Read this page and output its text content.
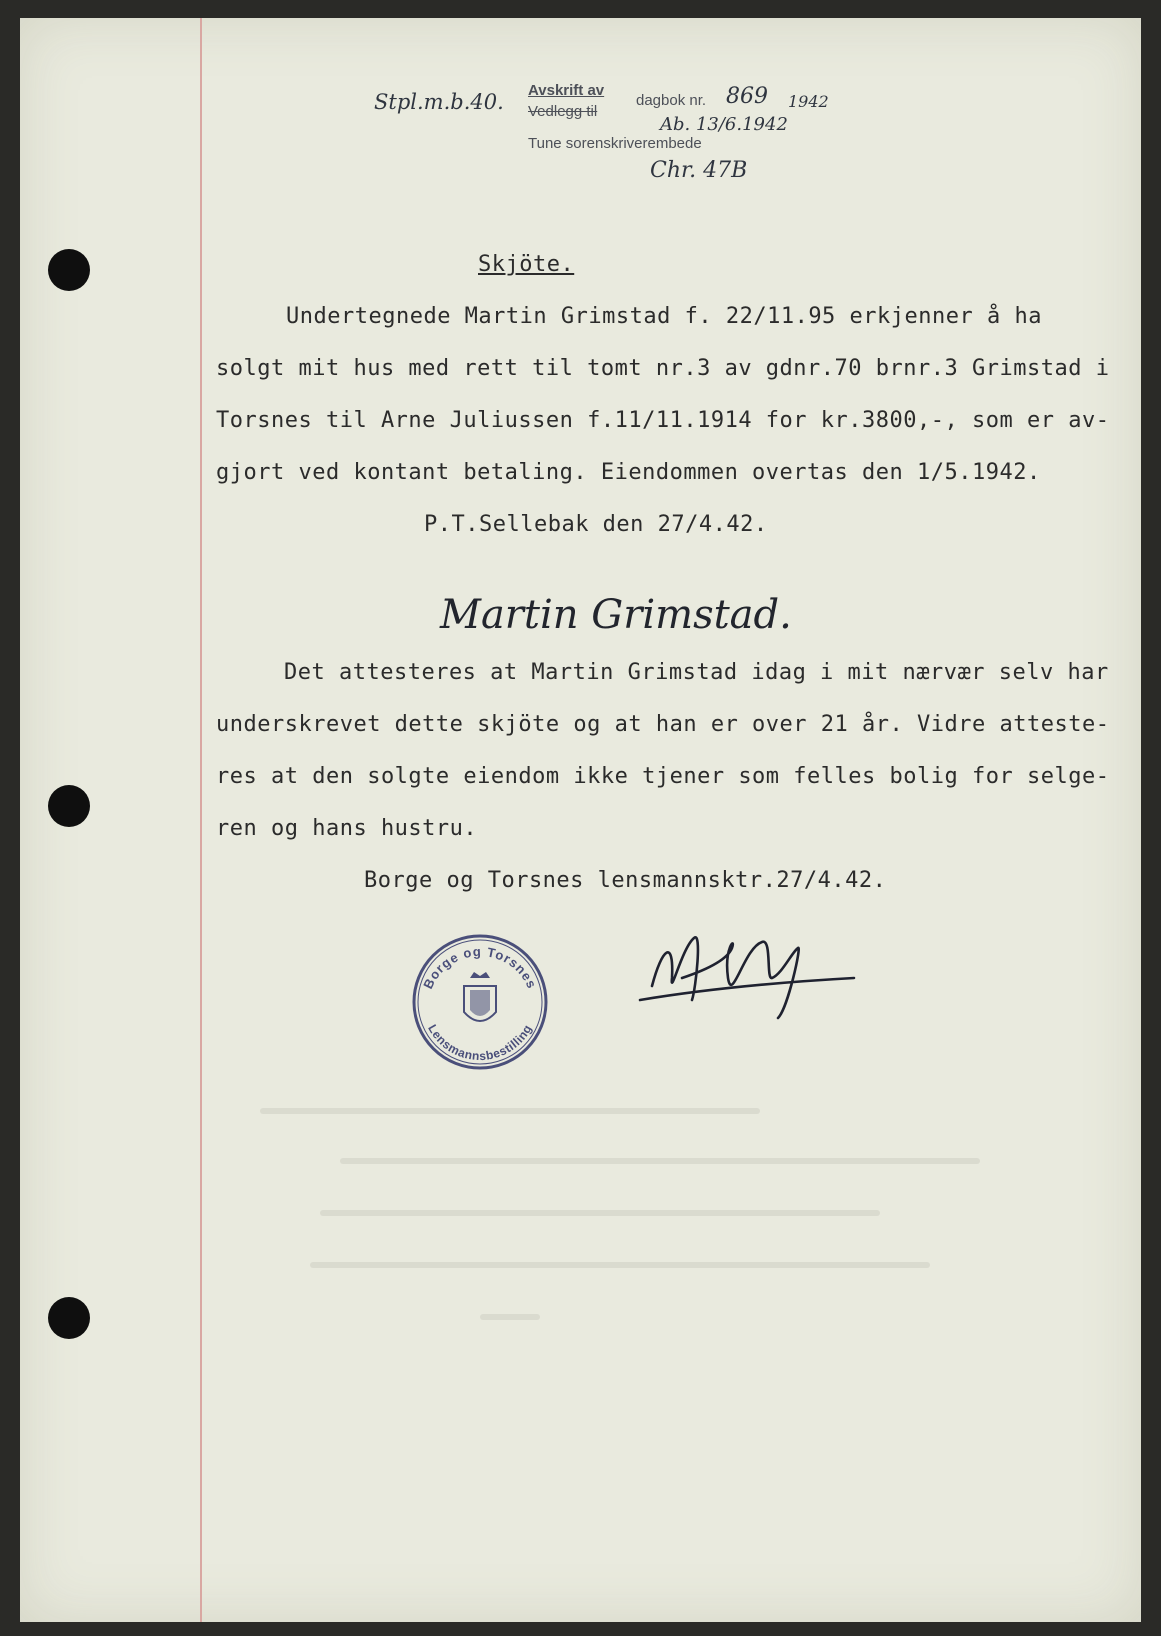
Stpl.m.b.40. Avskrift av
Vedlegg til
Tune sorenskriverembede
dagbok nr. 869 1942
Ab. 13/6.1942
Chr. 47B
Skjöte.
Undertegnede Martin Grimstad f. 22/11.95 erkjenner å ha
solgt mit hus med rett til tomt nr.3 av gdnr.70 brnr.3 Grimstad i
Torsnes til Arne Juliussen f.11/11.1914 for kr.3800,-, som er av-
gjort ved kontant betaling. Eiendommen overtas den 1/5.1942.
P.T.Sellebak den 27/4.42.
Martin Grimstad.
Det attesteres at Martin Grimstad idag i mit nærvær selv har
underskrevet dette skjöte og at han er over 21 år. Vidre atteste-
res at den solgte eiendom ikke tjener som felles bolig for selge-
ren og hans hustru.
Borge og Torsnes lensmannsktr.27/4.42.
Borge og Torsnes
Lensmannsbestilling
